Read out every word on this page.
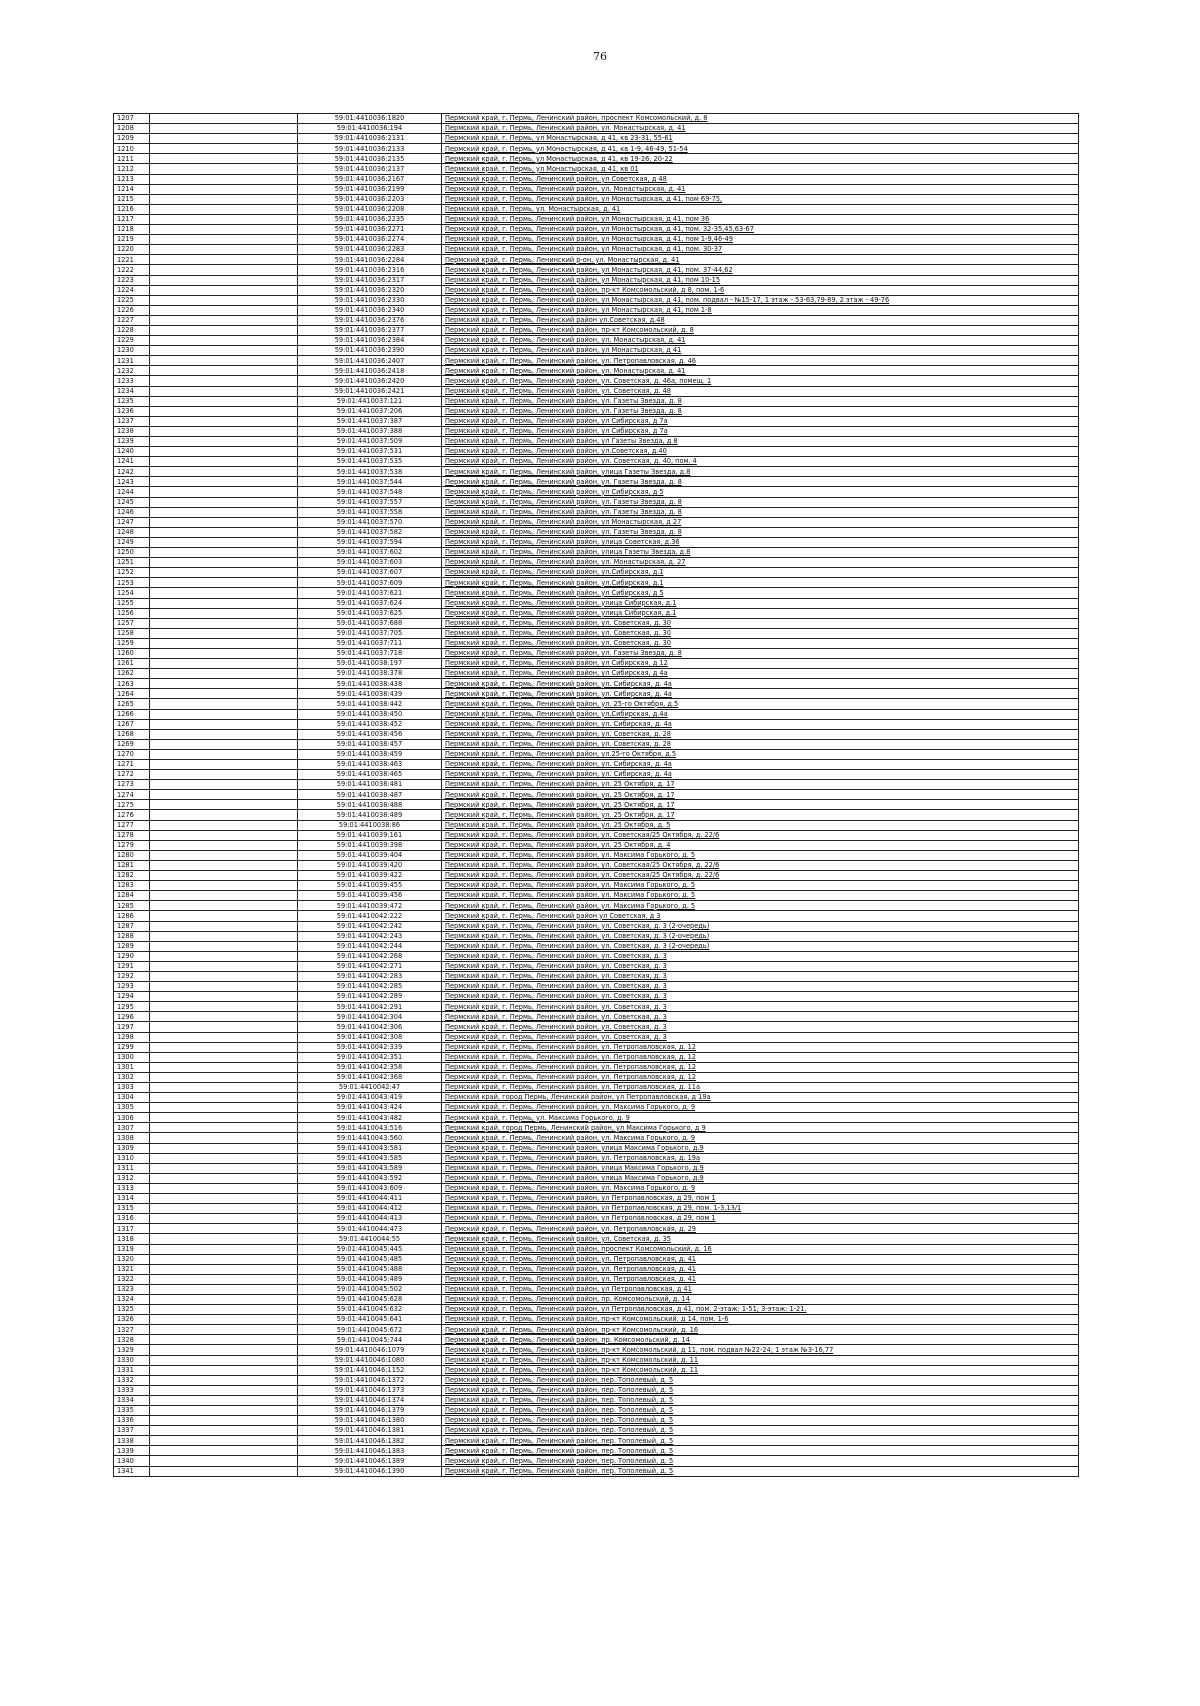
76
1207		59:01:4410036:1820	Пермский край, г. Пермь, Ленинский район, проспект Комсомольский, д. 8
1208		59:01:4410036:194	Пермский край, г. Пермь, Ленинский район, ул. Монастырская, д. 41
1209		59:01:4410036:2131	Пермский край, г. Пермь, ул Монастырская, д 41, кв 23-31, 55-61
1210		59:01:4410036:2133	Пермский край, г. Пермь, ул Монастырская, д 41, кв 1-9, 46-49, 51-54
1211		59:01:4410036:2135	Пермский край, г. Пермь, ул Монастырская, д 41, кв 19-26, 20-22
1212		59:01:4410036:2137	Пермский край, г. Пермь, ул Монастырская, д 41, кв 01
1213		59:01:4410036:2167	Пермский край, г. Пермь, Ленинский район, ул Советская, д 48
1214		59:01:4410036:2199	Пермский край, г. Пермь, Ленинский район, ул. Монастырская, д. 41
1215		59:01:4410036:2203	Пермский край, г. Пермь, Ленинский район, ул Монастырская, д 41, пом 69-75,
1216		59:01:4410036:2208	Пермский край, г. Пермь, ул. Монастырская, д. 41
1217		59:01:4410036:2235	Пермский край, г. Пермь, Ленинский район, ул Монастырская, д 41, пом 36
1218		59:01:4410036:2271	Пермский край, г. Пермь, Ленинский район, ул Монастырская, д 41, пом. 32-35,45,63-67
1219		59:01:4410036:2274	Пермский край, г. Пермь, Ленинский район, ул Монастырская, д 41, пом 1-9,46-49
1220		59:01:4410036:2283	Пермский край, г. Пермь, Ленинский район, ул Монастырская, д 41, пом. 30-37
1221		59:01:4410036:2284	Пермский край, г. Пермь, Ленинский р-он, ул. Монастырская, д. 41
1222		59:01:4410036:2316	Пермский край, г. Пермь, Ленинский район, ул Монастырская, д 41, пом. 37-44,62
1223		59:01:4410036:2317	Пермский край, г. Пермь, Ленинский район, ул Монастырская, д 41, пом 10-15
1224		59:01:4410036:2320	Пермский край, г. Пермь, Ленинский район, пр-кт Комсомольский, д 8, пом. 1-6
1225		59:01:4410036:2330	Пермский край, г. Пермь, Ленинский район, ул Монастырская, д 41, пом. подвал - №15-17, 1 этаж - 53-63,79-89, 2 этаж - 49-76
1226		59:01:4410036:2340	Пермский край, г. Пермь, Ленинский район, ул Монастырская, д 41, пом 1-8
1227		59:01:4410036:2376	Пермский край, г. Пермь, Ленинский район ул.Советская, д.48
1228		59:01:4410036:2377	Пермский край, г. Пермь, Ленинский район, пр-кт Комсомольский, д. 8
1229		59:01:4410036:2384	Пермский край, г. Пермь, Ленинский район, ул. Монастырская, д. 41
1230		59:01:4410036:2390	Пермский край, г. Пермь, Ленинский район, ул Монастырская, д 41
1231		59:01:4410036:2407	Пермский край, г. Пермь, Ленинский район, ул. Петропавловская, д. 46
1232		59:01:4410036:2418	Пермский край, г. Пермь, Ленинский район, ул. Монастырская, д. 41
1233		59:01:4410036:2420	Пермский край, г. Пермь, Ленинский район, ул. Советская, д. 46а, помещ. 1
1234		59:01:4410036:2421	Пермский край, г. Пермь, Ленинский район, ул. Советская, д. 48
1235		59:01:4410037:121	Пермский край, г. Пермь, Ленинский район, ул. Газеты Звезда, д. 8
1236		59:01:4410037:206	Пермский край, г. Пермь, Ленинский район, ул. Газеты Звезда, д. 8
1237		59:01:4410037:387	Пермский край, г. Пермь, Ленинский район, ул Сибирская, д 7а
1238		59:01:4410037:388	Пермский край, г. Пермь, Ленинский район, ул Сибирская, д 7а
1239		59:01:4410037:509	Пермский край, г. Пермь, Ленинский район, ул Газеты Звезда, д 8
1240		59:01:4410037:531	Пермский край, г. Пермь, Ленинский район, ул.Советская, д.40
1241		59:01:4410037:535	Пермский край, г. Пермь, Ленинский район, ул. Советская, д. 40, пом. 4
1242		59:01:4410037:538	Пермский край, г. Пермь, Ленинский район, улица Газеты Звезда, д.8
1243		59:01:4410037:544	Пермский край, г. Пермь, Ленинский район, ул. Газеты Звезда, д. 8
1244		59:01:4410037:548	Пермский край, г. Пермь, Ленинский район, ул Сибирская, д 5
1245		59:01:4410037:557	Пермский край, г. Пермь, Ленинский район, ул. Газеты Звезда, д. 8
1246		59:01:4410037:558	Пермский край, г. Пермь, Ленинский район, ул. Газеты Звезда, д. 8
1247		59:01:4410037:570	Пермский край, г. Пермь, Ленинский район, ул Монастырская, д 27
1248		59:01:4410037:582	Пермский край, г. Пермь, Ленинский район, ул. Газеты Звезда, д. 8
1249		59:01:4410037:594	Пермский край, г. Пермь, Ленинский район, улица Советская, д.36
1250		59:01:4410037:602	Пермский край, г. Пермь, Ленинский район, улица Газеты Звезда, д.8
1251		59:01:4410037:603	Пермский край, г. Пермь, Ленинский район, ул. Монастырская, д. 27
1252		59:01:4410037:607	Пермский край, г. Пермь, Ленинский район, ул.Сибирская, д.1
1253		59:01:4410037:609	Пермский край, г. Пермь, Ленинский район, ул.Сибирская, д.1
1254		59:01:4410037:621	Пермский край, г. Пермь, Ленинский район, ул Сибирская, д 5
1255		59:01:4410037:624	Пермский край, г. Пермь, Ленинский район, улица Сибирская, д.1
1256		59:01:4410037:625	Пермский край, г. Пермь, Ленинский район, улица Сибирская, д.1
1257		59:01:4410037:688	Пермский край, г. Пермь, Ленинский район, ул. Советская, д. 30
1258		59:01:4410037:705	Пермский край, г. Пермь, Ленинский район, ул. Советская, д. 30
1259		59:01:4410037:711	Пермский край, г. Пермь, Ленинский район, ул. Советская, д. 30
1260		59:01:4410037:718	Пермский край, г. Пермь, Ленинский район, ул. Газеты Звезда, д. 8
1261		59:01:4410038:197	Пермский край, г. Пермь, Ленинский район, ул Сибирская, д 12
1262		59:01:4410038:378	Пермский край, г. Пермь, Ленинский район, ул Сибирская, д 4а
1263		59:01:4410038:438	Пермский край, г. Пермь, Ленинский район, ул. Сибирская, д. 4а
1264		59:01:4410038:439	Пермский край, г. Пермь, Ленинский район, ул. Сибирская, д. 4а
1265		59:01:4410038:442	Пермский край, г. Пермь, Ленинский район, ул. 25-го Октября, д.5
1266		59:01:4410038:450	Пермский край, г. Пермь, Ленинский район, ул.Сибирская, д.4а
1267		59:01:4410038:452	Пермский край, г. Пермь, Ленинский район, ул. Сибирская, д. 4а
1268		59:01:4410038:456	Пермский край, г. Пермь, Ленинский район, ул. Советская, д. 28
1269		59:01:4410038:457	Пермский край, г. Пермь, Ленинский район, ул. Советская, д. 28
1270		59:01:4410038:459	Пермский край, г. Пермь, Ленинский район, ул.25-го Октября, д.5
1271		59:01:4410038:463	Пермский край, г. Пермь, Ленинский район, ул. Сибирская, д. 4а
1272		59:01:4410038:465	Пермский край, г. Пермь, Ленинский район, ул. Сибирская, д. 4а
1273		59:01:4410038:481	Пермский край, г. Пермь, Ленинский район, ул. 25 Октября, д. 17
1274		59:01:4410038:487	Пермский край, г. Пермь, Ленинский район, ул. 25 Октября, д. 17
1275		59:01:4410038:488	Пермский край, г. Пермь, Ленинский район, ул. 25 Октября, д. 17
1276		59:01:4410038:489	Пермский край, г. Пермь, Ленинский район, ул. 25 Октября, д. 17
1277		59:01:4410038:86	Пермский край, г. Пермь, Ленинский район, ул. 25 Октября, д. 5
1278		59:01:4410039:161	Пермский край, г. Пермь, Ленинский район, ул. Советская/25 Октября, д. 22/6
1279		59:01:4410039:398	Пермский край, г. Пермь, Ленинский район, ул. 25 Октября, д. 4
1280		59:01:4410039:404	Пермский край, г. Пермь, Ленинский район, ул. Максима Горького, д. 5
1281		59:01:4410039:420	Пермский край, г. Пермь, Ленинский район, ул. Советская/25 Октября, д. 22/6
1282		59:01:4410039:422	Пермский край, г. Пермь, Ленинский район, ул. Советская/25 Октября, д. 22/6
1283		59:01:4410039:455	Пермский край, г. Пермь, Ленинский район, ул. Максима Горького, д. 5
1284		59:01:4410039:456	Пермский край, г. Пермь, Ленинский район, ул. Максима Горького, д. 5
1285		59:01:4410039:472	Пермский край, г. Пермь, Ленинский район, ул. Максима Горького, д. 5
1286		59:01:4410042:222	Пермский край, г. Пермь, Ленинский район ул Советская, д 3
1287		59:01:4410042:242	Пермский край, г. Пермь, Ленинский район, ул. Советская, д. 3 (2-очередь)
1288		59:01:4410042:243	Пермский край, г. Пермь, Ленинский район, ул. Советская, д. 3 (2-очередь)
1289		59:01:4410042:244	Пермский край, г. Пермь, Ленинский район, ул. Советская, д. 3 (2-очередь)
1290		59:01:4410042:268	Пермский край, г. Пермь, Ленинский район, ул. Советская, д. 3
1291		59:01:4410042:271	Пермский край, г. Пермь, Ленинский район, ул. Советская, д. 3
1292		59:01:4410042:283	Пермский край, г. Пермь, Ленинский район, ул. Советская, д. 3
1293		59:01:4410042:285	Пермский край, г. Пермь, Ленинский район, ул. Советская, д. 3
1294		59:01:4410042:289	Пермский край, г. Пермь, Ленинский район, ул. Советская, д. 3
1295		59:01:4410042:291	Пермский край, г. Пермь, Ленинский район, ул. Советская, д. 3
1296		59:01:4410042:304	Пермский край, г. Пермь, Ленинский район, ул. Советская, д. 3
1297		59:01:4410042:306	Пермский край, г. Пермь, Ленинский район, ул. Советская, д. 3
1298		59:01:4410042:308	Пермский край, г. Пермь, Ленинский район, ул. Советская, д. 3
1299		59:01:4410042:339	Пермский край, г. Пермь, Ленинский район, ул. Петропавловская, д. 12
1300		59:01:4410042:351	Пермский край, г. Пермь, Ленинский район, ул. Петропавловская, д. 12
1301		59:01:4410042:358	Пермский край, г. Пермь, Ленинский район, ул. Петропавловская, д. 12
1302		59:01:4410042:368	Пермский край, г. Пермь, Ленинский район, ул. Петропавловская, д. 12
1303		59:01:4410042:47	Пермский край, г. Пермь, Ленинский район, ул. Петропавловская, д. 11а
1304		59:01:4410043:419	Пермский край, город Пермь, Ленинский район, ул Петропавловская, д 19а
1305		59:01:4410043:424	Пермский край, г. Пермь, Ленинский район, ул. Максима Горького, д. 9
1306		59:01:4410043:482	Пермский край, г. Пермь, ул. Максима Горького, д. 9
1307		59:01:4410043:516	Пермский край, город Пермь, Ленинский район, ул Максима Горького, д 9
1308		59:01:4410043:560	Пермский край, г. Пермь, Ленинский район, ул. Максима Горького, д. 9
1309		59:01:4410043:581	Пермский край, г. Пермь, Ленинский район, улица Максима Горького, д.9
1310		59:01:4410043:585	Пермский край, г. Пермь, Ленинский район, ул. Петропавловская, д. 19а
1311		59:01:4410043:589	Пермский край, г. Пермь, Ленинский район, улица Максима Горького, д.9
1312		59:01:4410043:592	Пермский край, г. Пермь, Ленинский район, улица Максима Горького, д.9
1313		59:01:4410043:609	Пермский край, г. Пермь, Ленинский район, ул. Максима Горького, д. 9
1314		59:01:4410044:411	Пермский край, г. Пермь, Ленинский район, ул Петропавловская, д 29, пом 1
1315		59:01:4410044:412	Пермский край, г. Пермь, Ленинский район, ул Петропавловская, д 29, пом. 1-3,13/1
1316		59:01:4410044:413	Пермский край, г. Пермь, Ленинский район, ул Петропавловская, д 29, пом 1
1317		59:01:4410044:473	Пермский край, г. Пермь, Ленинский район, ул. Петропавловская, д. 29
1318		59:01:4410044:55	Пермский край, г. Пермь, Ленинский район, ул. Советская, д. 35
1319		59:01:4410045:445	Пермский край, г. Пермь, Ленинский район, проспект Комсомольский, д. 16
1320		59:01:4410045:485	Пермский край, г. Пермь, Ленинский район, ул. Петропавловская, д. 41
1321		59:01:4410045:488	Пермский край, г. Пермь, Ленинский район, ул. Петропавловская, д. 41
1322		59:01:4410045:489	Пермский край, г. Пермь, Ленинский район, ул. Петропавловская, д. 41
1323		59:01:4410045:502	Пермский край, г. Пермь, Ленинский район, ул Петропавловская, д 41
1324		59:01:4410045:628	Пермский край, г. Пермь, Ленинский район, пр. Комсомольский, д. 14
1325		59:01:4410045:632	Пермский край, г. Пермь, Ленинский район, ул Петропавловская, д 41, пом. 2-этаж: 1-51; 3-этаж: 1-21.
1326		59:01:4410045:641	Пермский край, г. Пермь, Ленинский район, пр-кт Комсомольский, д 14, пом. 1-6
1327		59:01:4410045:672	Пермский край, г. Пермь, Ленинский район, пр-кт Комсомольский, д. 16
1328		59:01:4410045:744	Пермский край, г. Пермь, Ленинский район, пр. Комсомольский, д. 14
1329		59:01:4410046:1079	Пермский край, г. Пермь, Ленинский район, пр-кт Комсомольский, д 11, пом. подвал №22-24; 1 этаж №3-16,77
1330		59:01:4410046:1080	Пермский край, г. Пермь, Ленинский район, пр-кт Комсомольский, д. 11
1331		59:01:4410046:1152	Пермский край, г. Пермь, Ленинский район, пр-кт Комсомольский, д. 11
1332		59:01:4410046:1372	Пермский край, г. Пермь, Ленинский район, пер. Тополевый, д. 5
1333		59:01:4410046:1373	Пермский край, г. Пермь, Ленинский район, пер. Тополевый, д. 5
1334		59:01:4410046:1374	Пермский край, г. Пермь, Ленинский район, пер. Тополевый, д. 5
1335		59:01:4410046:1379	Пермский край, г. Пермь, Ленинский район, пер. Тополевый, д. 5
1336		59:01:4410046:1380	Пермский край, г. Пермь, Ленинский район, пер. Тополевый, д. 5
1337		59:01:4410046:1381	Пермский край, г. Пермь, Ленинский район, пер. Тополевый, д. 5
1338		59:01:4410046:1382	Пермский край, г. Пермь, Ленинский район, пер. Тополевый, д. 5
1339		59:01:4410046:1383	Пермский край, г. Пермь, Ленинский район, пер. Тополевый, д. 5
1340		59:01:4410046:1389	Пермский край, г. Пермь, Ленинский район, пер. Тополевый, д. 5
1341		59:01:4410046:1390	Пермский край, г. Пермь, Ленинский район, пер. Тополевый, д. 5
